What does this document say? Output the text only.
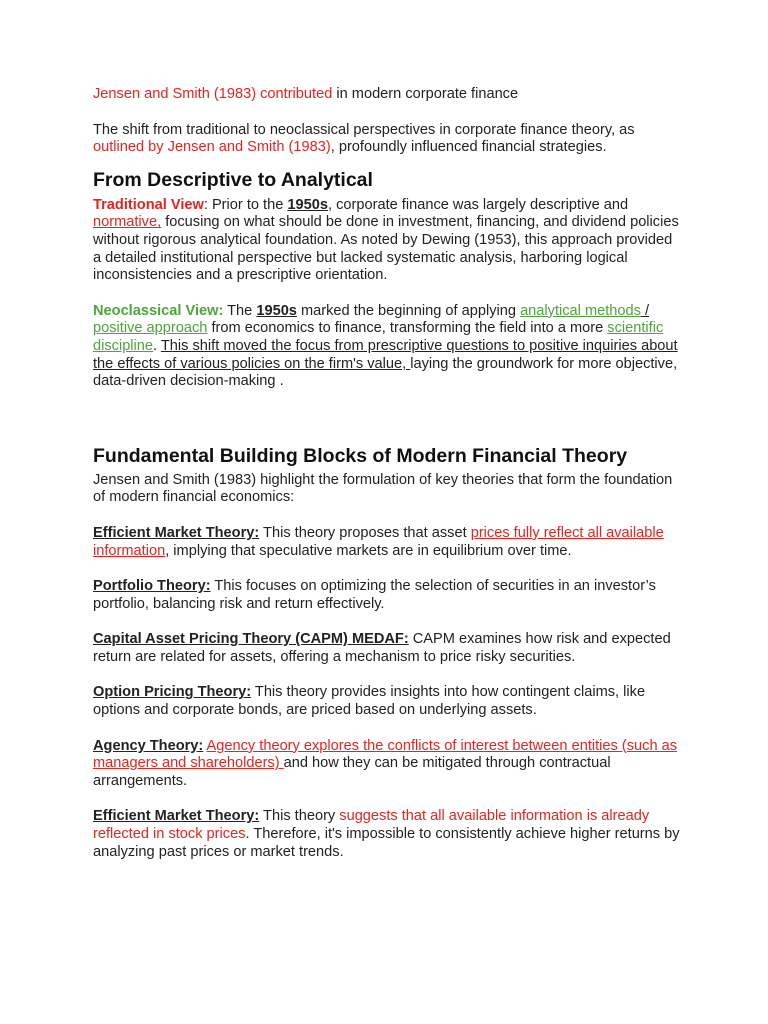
Jensen and Smith (1983) contributed in modern corporate finance

The shift from traditional to neoclassical perspectives in corporate finance theory, as outlined by Jensen and Smith (1983), profoundly influenced financial strategies.

From Descriptive to Analytical

Traditional View: Prior to the 1950s, corporate finance was largely descriptive and normative, focusing on what should be done in investment, financing, and dividend policies without rigorous analytical foundation. As noted by Dewing (1953), this approach provided a detailed institutional perspective but lacked systematic analysis, harboring logical inconsistencies and a prescriptive orientation.

Neoclassical View: The 1950s marked the beginning of applying analytical methods / positive approach from economics to finance, transforming the field into a more scientific discipline. This shift moved the focus from prescriptive questions to positive inquiries about the effects of various policies on the firm's value, laying the groundwork for more objective, data-driven decision-making .

Fundamental Building Blocks of Modern Financial Theory

Jensen and Smith (1983) highlight the formulation of key theories that form the foundation of modern financial economics:

Efficient Market Theory: This theory proposes that asset prices fully reflect all available information, implying that speculative markets are in equilibrium over time.

Portfolio Theory: This focuses on optimizing the selection of securities in an investor’s portfolio, balancing risk and return effectively.

Capital Asset Pricing Theory (CAPM) MEDAF: CAPM examines how risk and expected return are related for assets, offering a mechanism to price risky securities.

Option Pricing Theory: This theory provides insights into how contingent claims, like options and corporate bonds, are priced based on underlying assets.

Agency Theory: Agency theory explores the conflicts of interest between entities (such as managers and shareholders) and how they can be mitigated through contractual arrangements.

Efficient Market Theory: This theory suggests that all available information is already reflected in stock prices. Therefore, it's impossible to consistently achieve higher returns by analyzing past prices or market trends.
